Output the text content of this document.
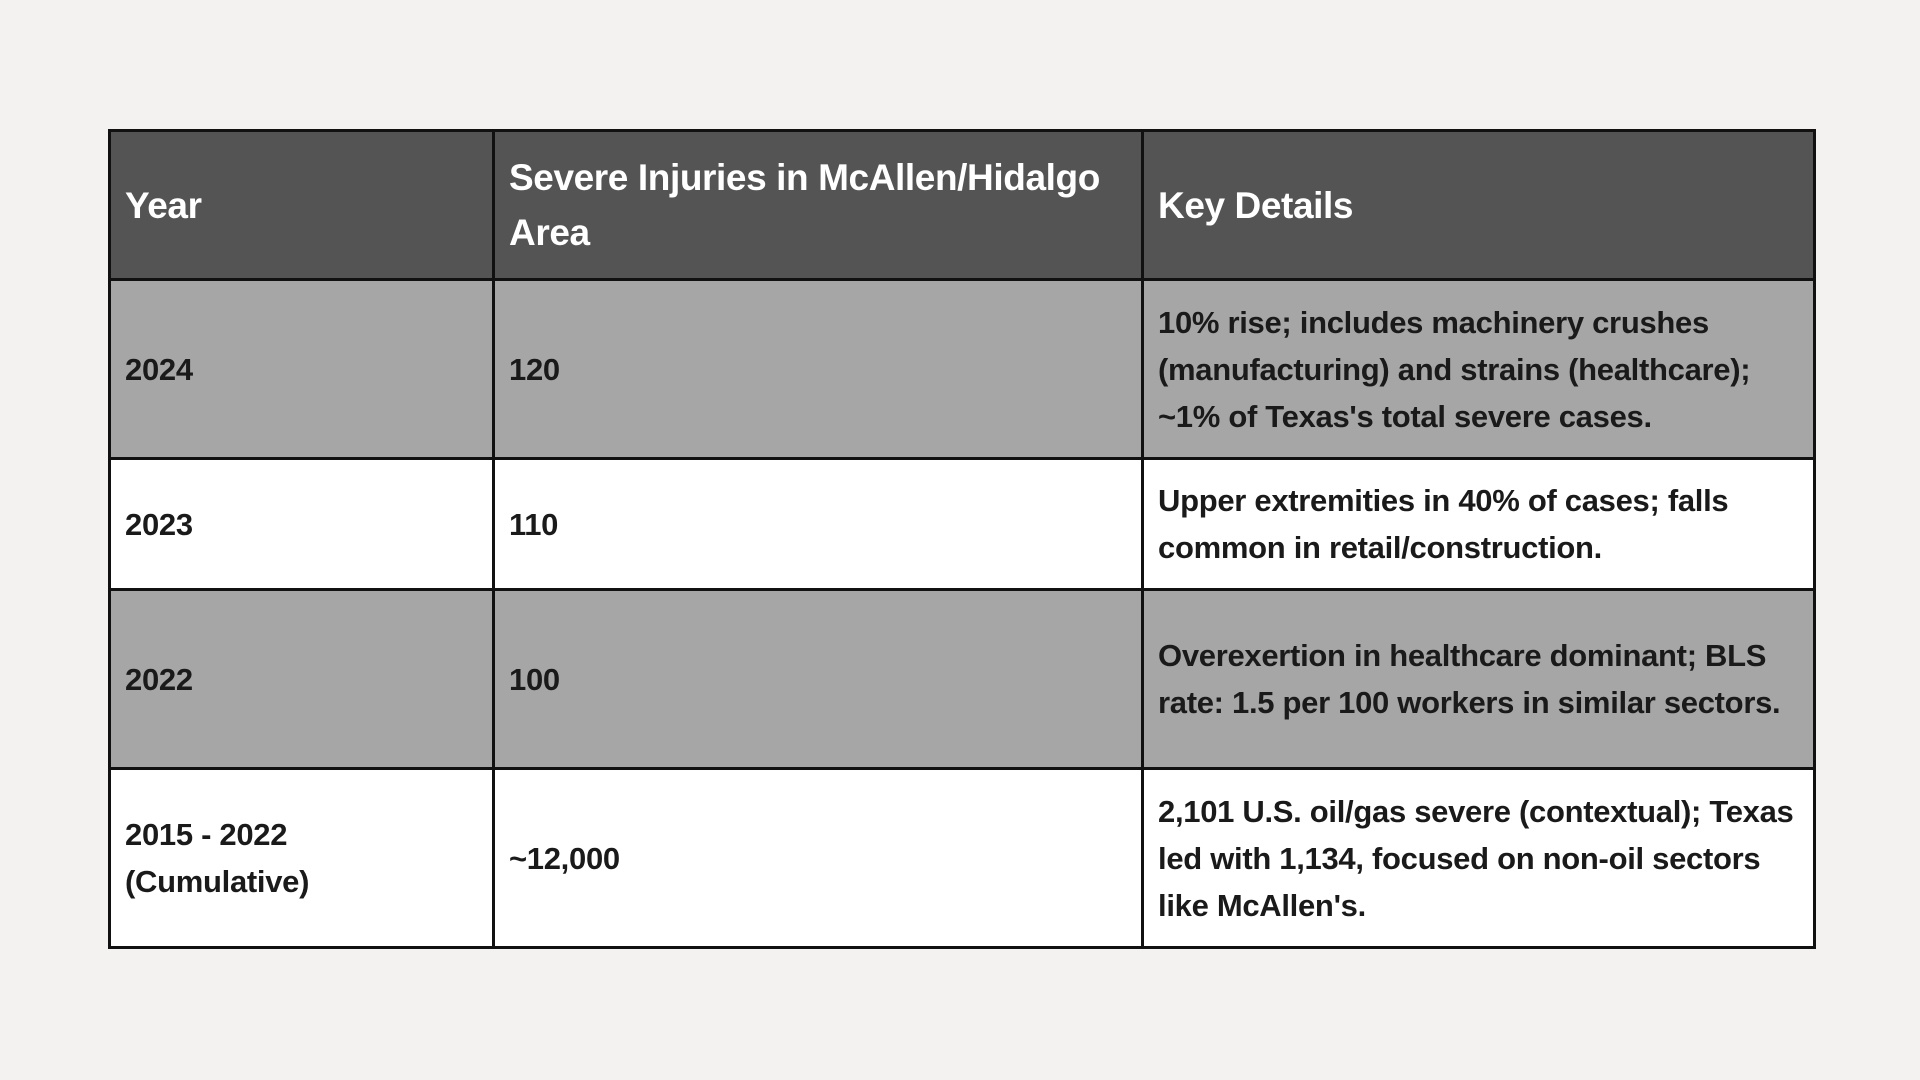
Year	Severe Injuries in McAllen/Hidalgo Area	Key Details
2024	120	10% rise; includes machinery crushes (manufacturing) and strains (healthcare); ~1% of Texas's total severe cases.
2023	110	Upper extremities in 40% of cases; falls common in retail/construction.
2022	100	Overexertion in healthcare dominant; BLS rate: 1.5 per 100 workers in similar sectors.
2015 - 2022 (Cumulative)	~12,000	2,101 U.S. oil/gas severe (contextual); Texas led with 1,134, focused on non-oil sectors like McAllen's.
